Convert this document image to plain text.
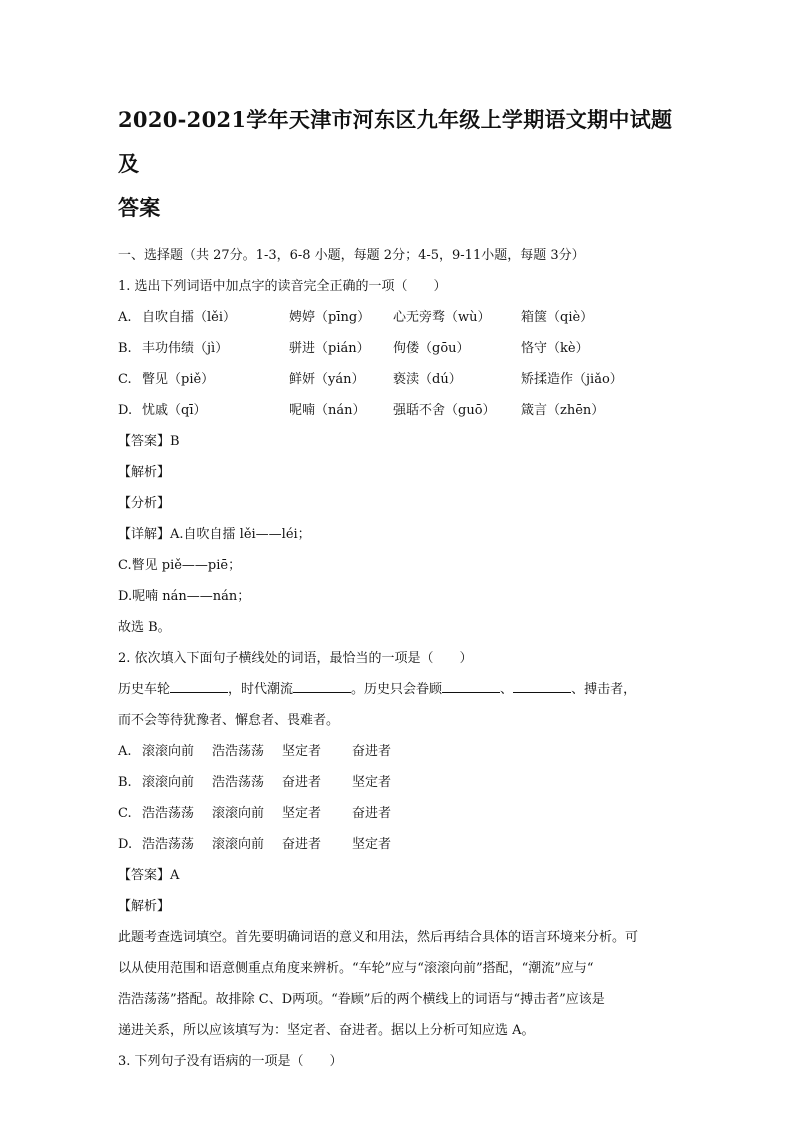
2020-2021学年天津市河东区九年级上学期语文期中试题及
答案
一、选择题（共 27分。1-3，6-8 小题，每题 2分；4-5，9-11小题，每题 3分）
1. 选出下列词语中加点字的读音完全正确的一项（　　）
A. 自吹自擂（lěi）	娉婷（pīng）	心无旁骛（wù）	箱箧（qiè）
B. 丰功伟绩（jì）	骈进（pián）	佝偻（gōu）	恪守（kè）
C. 瞥见（piě）	鲜妍（yán）	亵渎（dú）	矫揉造作（jiǎo）
D. 忧戚（qī）	呢喃（nán）	强聒不舍（guō）	箴言（zhēn）
【答案】B
【解析】
【分析】
【详解】A.自吹自擂 lěi——léi；
C.瞥见 piě——piē；
D.呢喃 nán——nán；
故选 B。
2. 依次填入下面句子横线处的词语，最恰当的一项是（　　）
历史车轮	，时代潮流	。历史只会眷顾	、	、搏击者，
而不会等待犹豫者、懈怠者、畏难者。
A. 滚滚向前	浩浩荡荡	坚定者	奋进者
B. 滚滚向前	浩浩荡荡	奋进者	坚定者
C. 浩浩荡荡	滚滚向前	坚定者	奋进者
D. 浩浩荡荡	滚滚向前	奋进者	坚定者
【答案】A
【解析】
此题考查选词填空。首先要明确词语的意义和用法，然后再结合具体的语言环境来分析。可
以从使用范围和语意侧重点角度来辨析。“车轮”应与“滚滚向前”搭配，“潮流”应与“
浩浩荡荡”搭配。故排除 C、D两项。“眷顾”后的两个横线上的词语与“搏击者”应该是
递进关系，所以应该填写为：坚定者、奋进者。据以上分析可知应选 A。
3. 下列句子没有语病的一项是（　　）
